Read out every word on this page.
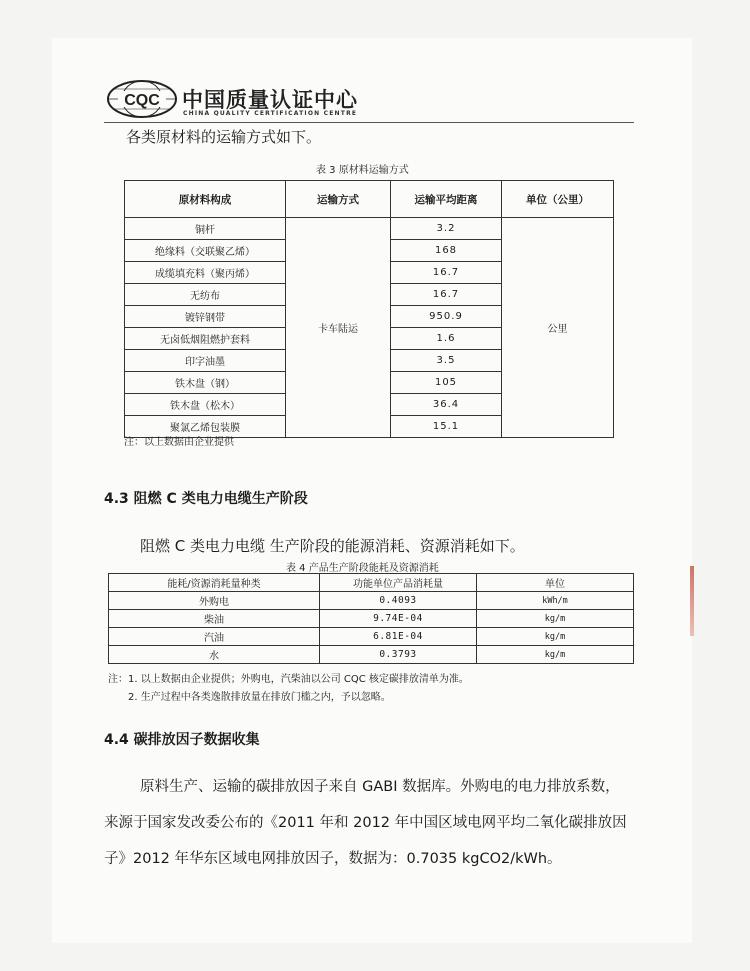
CQC 中国质量认证中心
CHINA QUALITY CERTIFICATION CENTRE
各类原材料的运输方式如下。
表 3 原材料运输方式
原材料构成	运输方式	运输平均距离	单位（公里）
铜杆	卡车陆运	3.2	公里
绝缘料（交联聚乙烯）		168	
成缆填充料（聚丙烯）		16.7	
无纺布		16.7	
镀锌钢带		950.9	
无卤低烟阻燃护套料		1.6	
印字油墨		3.5	
铁木盘（钢）		105	
铁木盘（松木）		36.4	
聚氯乙烯包装膜		15.1	
注：以上数据由企业提供
4.3 阻燃 C 类电力电缆生产阶段
阻燃 C 类电力电缆 生产阶段的能源消耗、资源消耗如下。
表 4 产品生产阶段能耗及资源消耗
能耗/资源消耗量种类	功能单位产品消耗量	单位
外购电	0.4093	kWh/m
柴油	9.74E-04	kg/m
汽油	6.81E-04	kg/m
水	0.3793	kg/m
注：1. 以上数据由企业提供；外购电，汽柴油以公司 CQC 核定碳排放清单为准。
2. 生产过程中各类逸散排放量在排放门槛之内，予以忽略。
4.4 碳排放因子数据收集
原料生产、运输的碳排放因子来自 GABI 数据库。外购电的电力排放系数，
来源于国家发改委公布的《2011 年和 2012 年中国区域电网平均二氧化碳排放因
子》2012 年华东区域电网排放因子，数据为：0.7035 kgCO2/kWh。
